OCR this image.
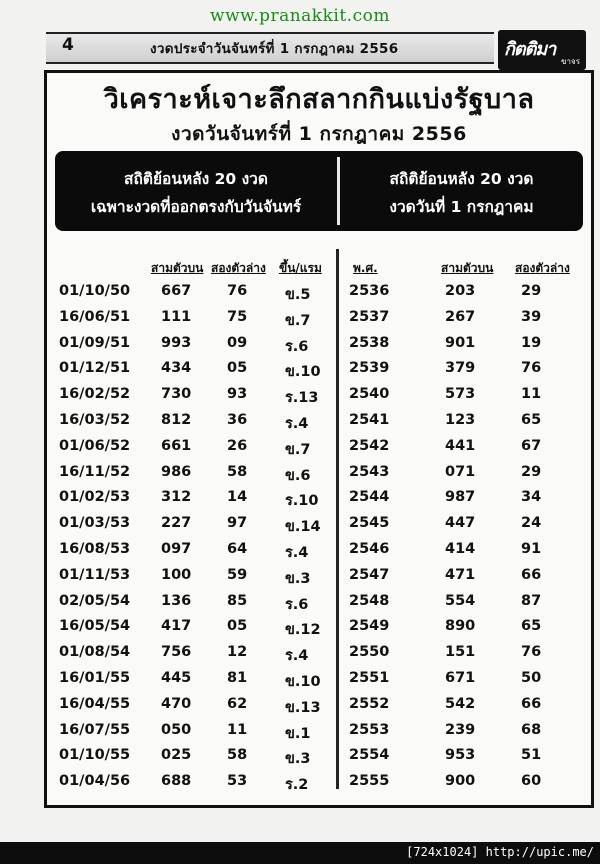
www.pranakkit.com
4	งวดประจำวันจันทร์ที่ 1 กรกฎาคม 2556	กิตติมา
ขาจร
วิเคราะห์เจาะลึกสลากกินแบ่งรัฐบาล
งวดวันจันทร์ที่ 1 กรกฎาคม 2556
สถิติย้อนหลัง 20 งวด
เฉพาะงวดที่ออกตรงกับวันจันทร์
สถิติย้อนหลัง 20 งวด
งวดวันที่ 1 กรกฎาคม
สามตัวบน สองตัวล่าง ขึ้น/แรม
01/10/50 667 76	ข.5
16/06/51 111 75	ข.7
01/09/51 993 09	ร.6
01/12/51 434 05	ข.10
16/02/52 730 93	ร.13
16/03/52 812 36	ร.4
01/06/52 661 26	ข.7
16/11/52 986 58	ข.6
01/02/53 312 14	ร.10
01/03/53 227 97	ข.14
16/08/53 097 64	ร.4
01/11/53 100 59	ข.3
02/05/54 136 85	ร.6
16/05/54 417 05	ข.12
01/08/54 756 12	ร.4
16/01/55 445 81	ข.10
16/04/55 470 62	ข.13
16/07/55 050 11	ข.1
01/10/55 025 58	ข.3
01/04/56 688 53	ร.2
พ.ศ.	สามตัวบน สองตัวล่าง
2536	203	29
2537	267	39
2538	901	19
2539	379	76
2540	573	11
2541	123	65
2542	441	67
2543	071	29
2544	987	34
2545	447	24
2546	414	91
2547	471	66
2548	554	87
2549	890	65
2550	151	76
2551	671	50
2552	542	66
2553	239	68
2554	953	51
2555	900	60
[724x1024] http://upic.me/
